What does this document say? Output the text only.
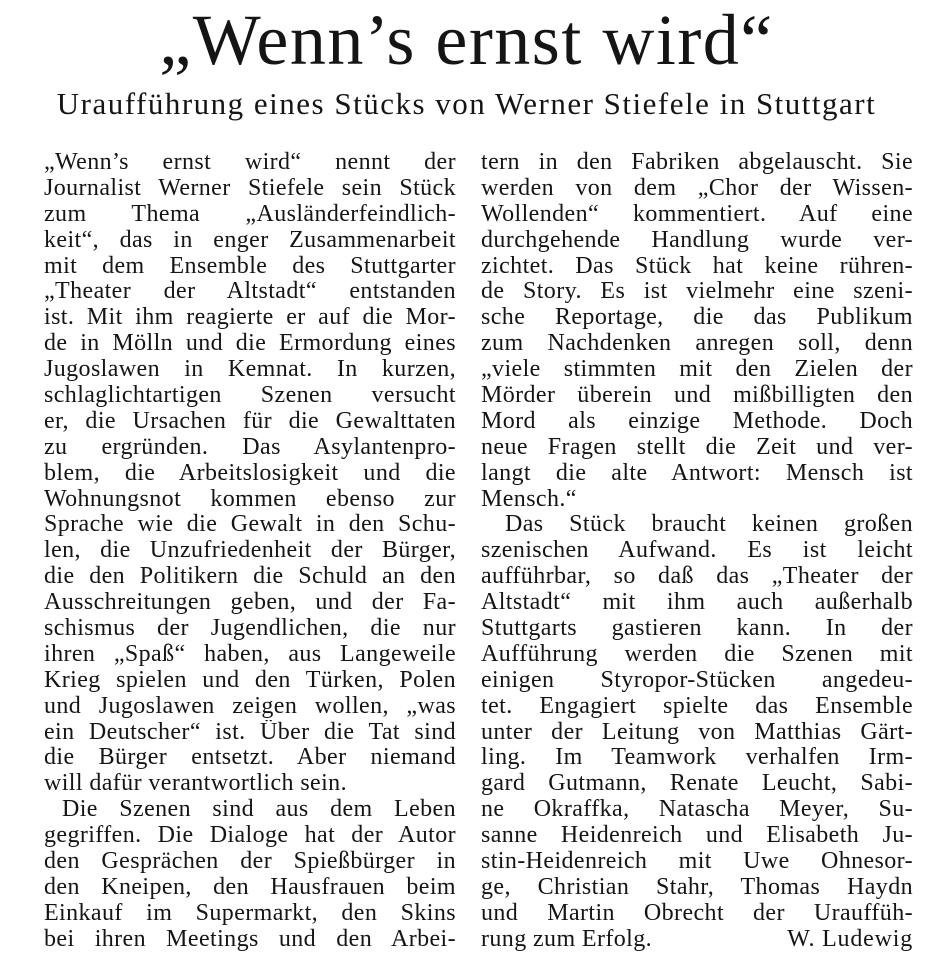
„Wenn’s ernst wird“
Uraufführung eines Stücks von Werner Stiefele in Stuttgart
„Wenn’s ernst wird“ nennt der
Journalist Werner Stiefele sein Stück
zum Thema „Ausländerfeindlich-
keit“, das in enger Zusammenarbeit
mit dem Ensemble des Stuttgarter
„Theater der Altstadt“ entstanden
ist. Mit ihm reagierte er auf die Mor-
de in Mölln und die Ermordung eines
Jugoslawen in Kemnat. In kurzen,
schlaglichtartigen Szenen versucht
er, die Ursachen für die Gewalttaten
zu ergründen. Das Asylantenpro-
blem, die Arbeitslosigkeit und die
Wohnungsnot kommen ebenso zur
Sprache wie die Gewalt in den Schu-
len, die Unzufriedenheit der Bürger,
die den Politikern die Schuld an den
Ausschreitungen geben, und der Fa-
schismus der Jugendlichen, die nur
ihren „Spaß“ haben, aus Langeweile
Krieg spielen und den Türken, Polen
und Jugoslawen zeigen wollen, „was
ein Deutscher“ ist. Über die Tat sind
die Bürger entsetzt. Aber niemand
will dafür verantwortlich sein.
Die Szenen sind aus dem Leben
gegriffen. Die Dialoge hat der Autor
den Gesprächen der Spießbürger in
den Kneipen, den Hausfrauen beim
Einkauf im Supermarkt, den Skins
bei ihren Meetings und den Arbei-
tern in den Fabriken abgelauscht. Sie
werden von dem „Chor der Wissen-
Wollenden“ kommentiert. Auf eine
durchgehende Handlung wurde ver-
zichtet. Das Stück hat keine rühren-
de Story. Es ist vielmehr eine szeni-
sche Reportage, die das Publikum
zum Nachdenken anregen soll, denn
„viele stimmten mit den Zielen der
Mörder überein und mißbilligten den
Mord als einzige Methode. Doch
neue Fragen stellt die Zeit und ver-
langt die alte Antwort: Mensch ist
Mensch.“
Das Stück braucht keinen großen
szenischen Aufwand. Es ist leicht
aufführbar, so daß das „Theater der
Altstadt“ mit ihm auch außerhalb
Stuttgarts gastieren kann. In der
Aufführung werden die Szenen mit
einigen Styropor-Stücken angedeu-
tet. Engagiert spielte das Ensemble
unter der Leitung von Matthias Gärt-
ling. Im Teamwork verhalfen Irm-
gard Gutmann, Renate Leucht, Sabi-
ne Okraffka, Natascha Meyer, Su-
sanne Heidenreich und Elisabeth Ju-
stin-Heidenreich mit Uwe Ohnesor-
ge, Christian Stahr, Thomas Haydn
und Martin Obrecht der Urauffüh-
rung zum Erfolg.	W. Ludewig
